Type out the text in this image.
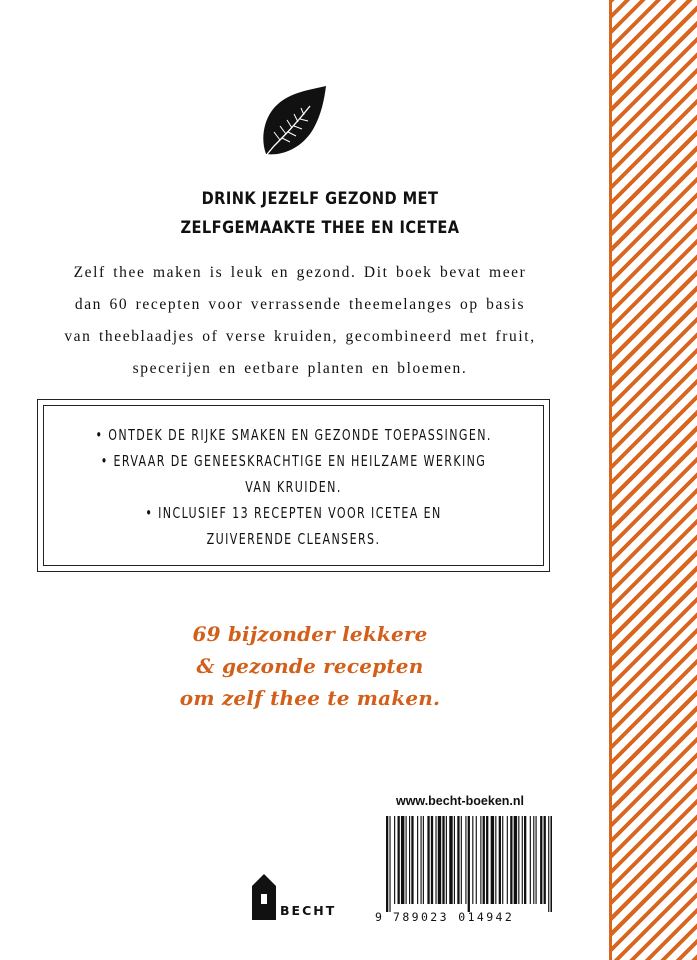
DRINK JEZELF GEZOND MET
ZELFGEMAAKTE THEE EN ICETEA
Zelf thee maken is leuk en gezond. Dit boek bevat meer
dan 60 recepten voor verrassende theemelanges op basis
van theeblaadjes of verse kruiden, gecombineerd met fruit,
specerijen en eetbare planten en bloemen.
• ONTDEK DE RIJKE SMAKEN EN GEZONDE TOEPASSINGEN.
• ERVAAR DE GENEESKRACHTIGE EN HEILZAME WERKING
VAN KRUIDEN.
• INCLUSIEF 13 RECEPTEN VOOR ICETEA EN
ZUIVERENDE CLEANSERS.
69 bijzonder lekkere
& gezonde recepten
om zelf thee te maken.
www.becht-boeken.nl
9 789023 014942
BECHT
